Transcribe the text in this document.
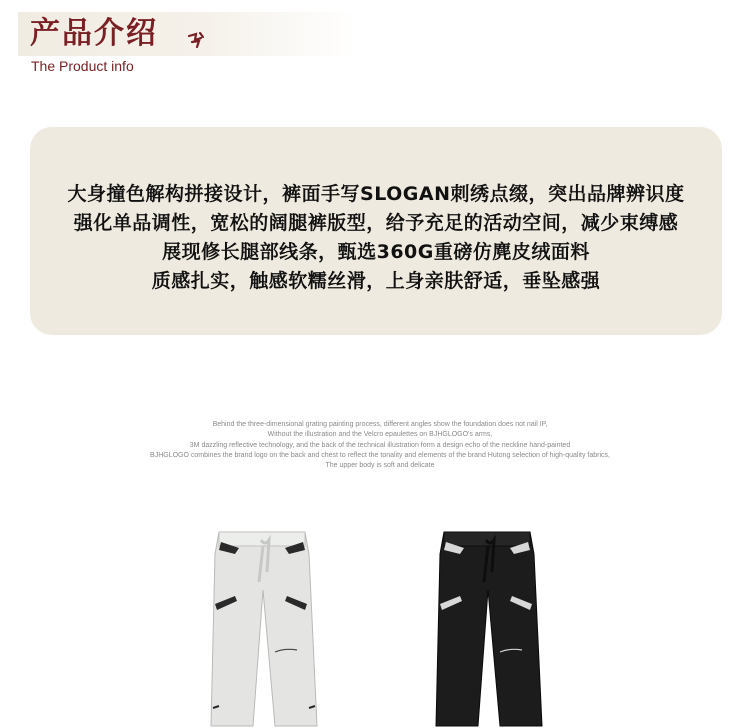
产品介绍
The Product info
大身撞色解构拼接设计，裤面手写SLOGAN刺绣点缀，突出品牌辨识度
强化单品调性，宽松的阔腿裤版型，给予充足的活动空间，减少束缚感
展现修长腿部线条，甄选360G重磅仿麂皮绒面料
质感扎实，触感软糯丝滑，上身亲肤舒适，垂坠感强
Behind the three-dimensional grating painting process, different angles show the foundation does not nail IP,
Without the illustration and the Velcro epaulettes on BJHGLOGO's arms,
3M dazzling reflective technology, and the back of the technical illustration form a design echo of the neckline hand-painted
BJHGLOGO combines the brand logo on the back and chest to reflect the tonality and elements of the brand Hutong selection of high-quality fabrics,
The upper body is soft and delicate
